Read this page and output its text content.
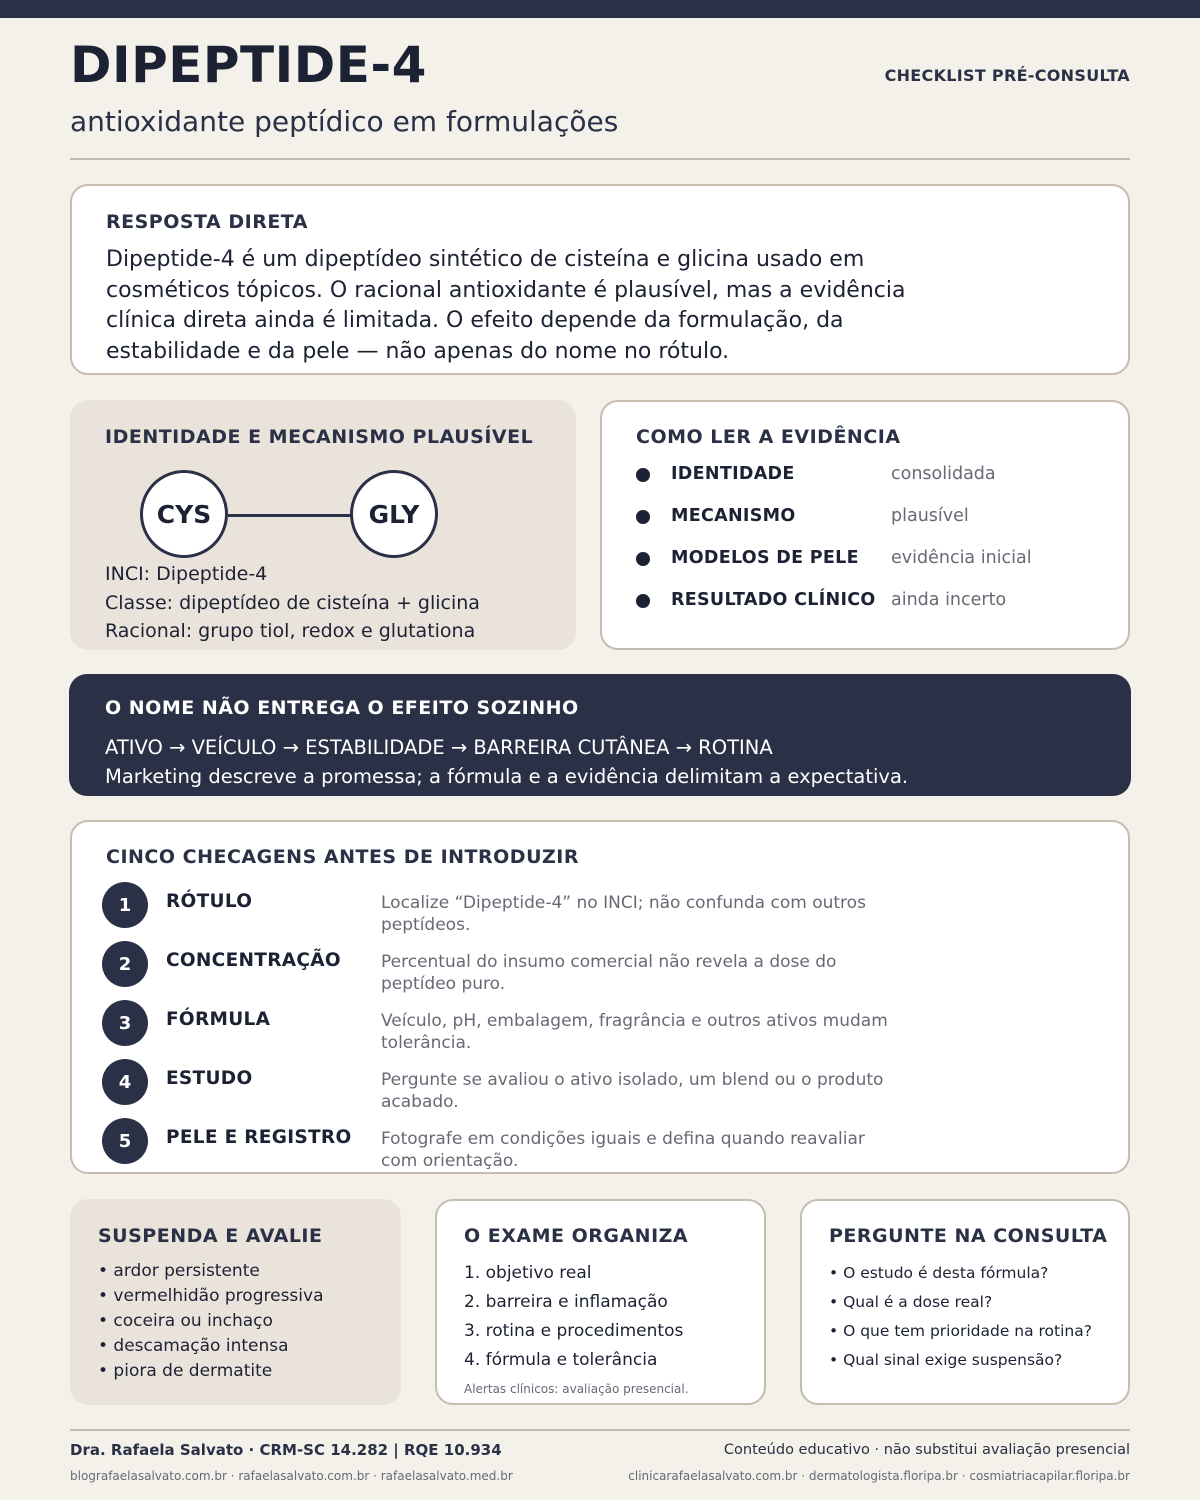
DIPEPTIDE-4
antioxidante peptídico em formulações
CHECKLIST PRÉ-CONSULTA
RESPOSTA DIRETA
Dipeptide-4 é um dipeptídeo sintético de cisteína e glicina usado em
cosméticos tópicos. O racional antioxidante é plausível, mas a evidência
clínica direta ainda é limitada. O efeito depende da formulação, da
estabilidade e da pele — não apenas do nome no rótulo.
IDENTIDADE E MECANISMO PLAUSÍVEL
CYS	GLY
INCI: Dipeptide-4
Classe: dipeptídeo de cisteína + glicina
Racional: grupo tiol, redox e glutationa
COMO LER A EVIDÊNCIA
IDENTIDADE	consolidada
MECANISMO	plausível
MODELOS DE PELE evidência inicial
RESULTADO CLÍNICO ainda incerto
O NOME NÃO ENTREGA O EFEITO SOZINHO
ATIVO → VEÍCULO → ESTABILIDADE → BARREIRA CUTÂNEA → ROTINA
Marketing descreve a promessa; a fórmula e a evidência delimitam a expectativa.
CINCO CHECAGENS ANTES DE INTRODUZIR
1	RÓTULO	Localize “Dipeptide-4” no INCI; não confunda com outros
peptídeos.
2	CONCENTRAÇÃO Percentual do insumo comercial não revela a dose do
peptídeo puro.
3	FÓRMULA	Veículo, pH, embalagem, fragrância e outros ativos mudam
tolerância.
4	ESTUDO	Pergunte se avaliou o ativo isolado, um blend ou o produto
acabado.
5	PELE E REGISTRO Fotografe em condições iguais e defina quando reavaliar
com orientação.
SUSPENDA E AVALIE
• ardor persistente
• vermelhidão progressiva
• coceira ou inchaço
• descamação intensa
• piora de dermatite
O EXAME ORGANIZA
1. objetivo real
2. barreira e inflamação
3. rotina e procedimentos
4. fórmula e tolerância
Alertas clínicos: avaliação presencial.
PERGUNTE NA CONSULTA
• O estudo é desta fórmula?
• Qual é a dose real?
• O que tem prioridade na rotina?
• Qual sinal exige suspensão?
Dra. Rafaela Salvato · CRM-SC 14.282 | RQE 10.934	Conteúdo educativo · não substitui avaliação presencial
blografaelasalvato.com.br · rafaelasalvato.com.br · rafaelasalvato.med.br	clinicarafaelasalvato.com.br · dermatologista.floripa.br · cosmiatriacapilar.floripa.br
